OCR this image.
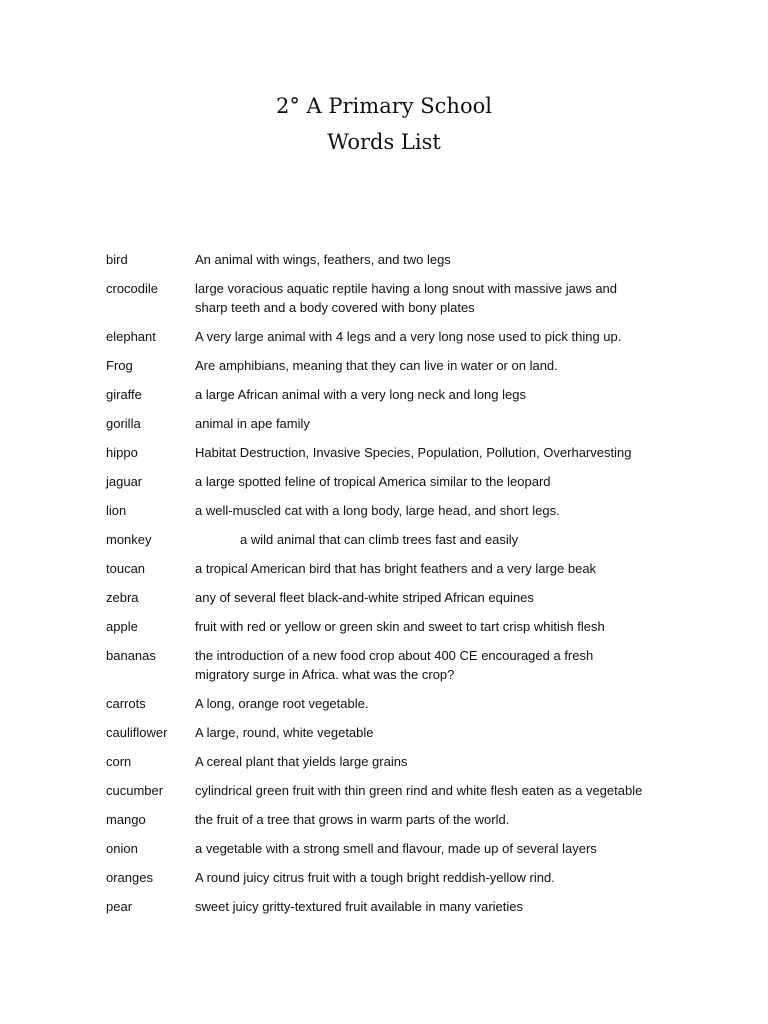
2° A Primary School
Words List
bird	An animal with wings, feathers, and two legs
crocodile	large voracious aquatic reptile having a long snout with massive jaws and sharp teeth and a body covered with bony plates
elephant	A very large animal with 4 legs and a very long nose used to pick thing up.
Frog	Are amphibians, meaning that they can live in water or on land.
giraffe	a large African animal with a very long neck and long legs
gorilla	animal in ape family
hippo	Habitat Destruction, Invasive Species, Population, Pollution, Overharvesting
jaguar	a large spotted feline of tropical America similar to the leopard
lion	a well-muscled cat with a long body, large head, and short legs.
monkey	a wild animal that can climb trees fast and easily
toucan	a tropical American bird that has bright feathers and a very large beak
zebra	any of several fleet black-and-white striped African equines
apple	fruit with red or yellow or green skin and sweet to tart crisp whitish flesh
bananas	the introduction of a new food crop about 400 CE encouraged a fresh migratory surge in Africa. what was the crop?
carrots	A long, orange root vegetable.
cauliflower	A large, round, white vegetable
corn	A cereal plant that yields large grains
cucumber	cylindrical green fruit with thin green rind and white flesh eaten as a vegetable
mango	the fruit of a tree that grows in warm parts of the world.
onion	a vegetable with a strong smell and flavour, made up of several layers
oranges	A round juicy citrus fruit with a tough bright reddish-yellow rind.
pear	sweet juicy gritty-textured fruit available in many varieties
